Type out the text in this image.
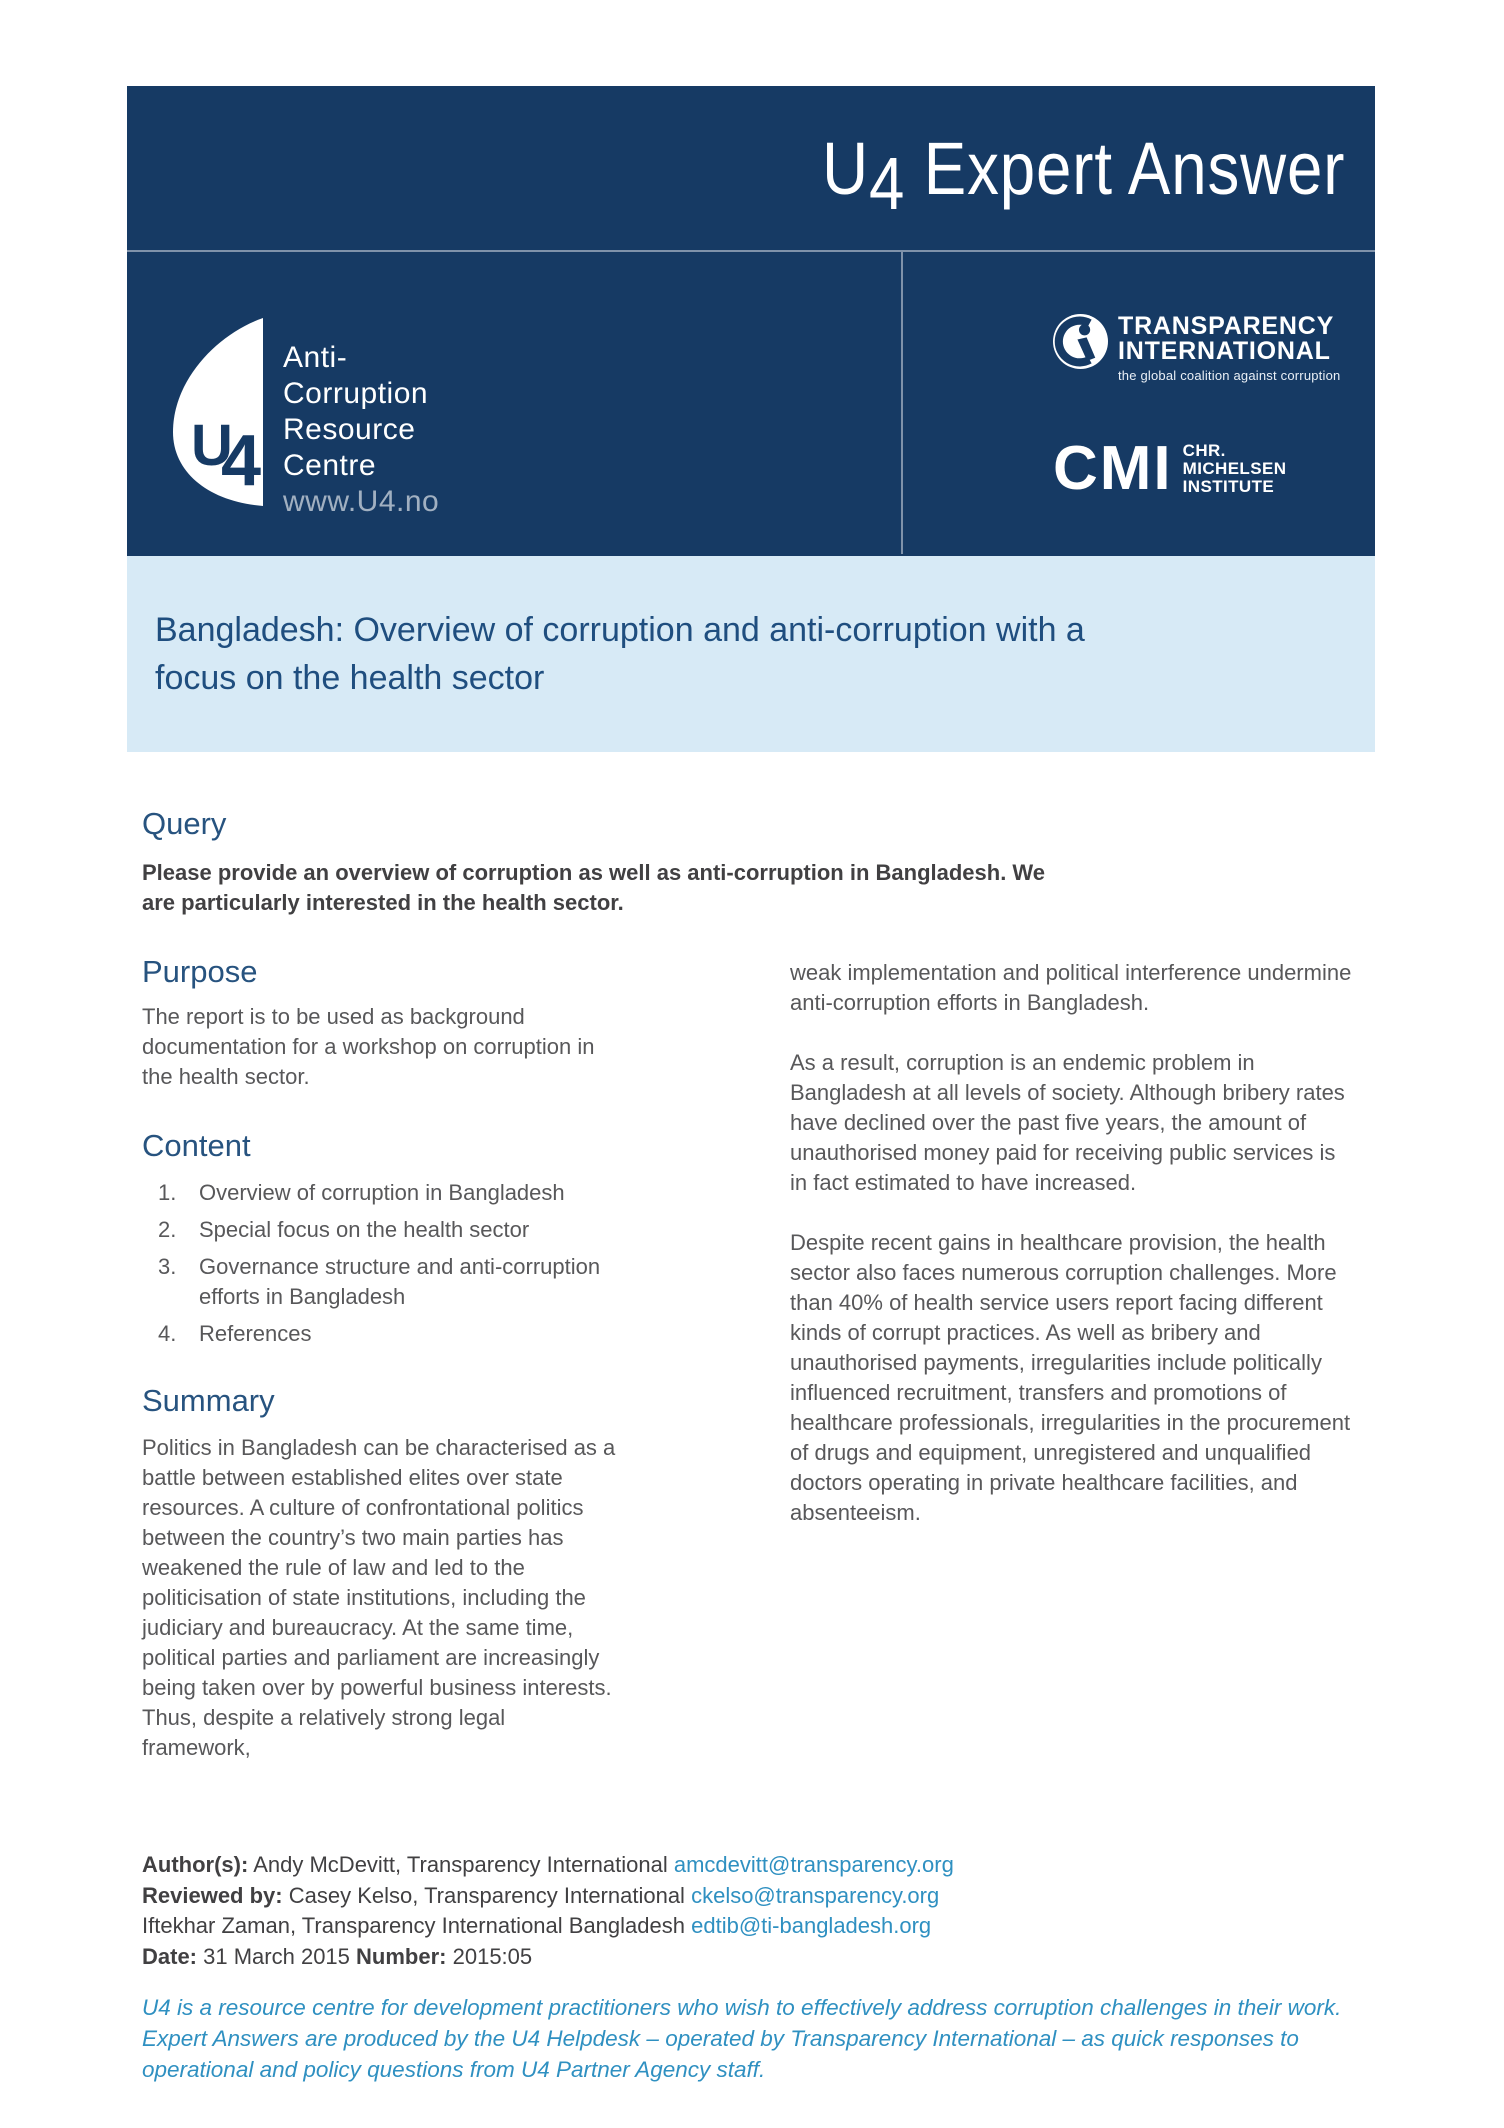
U4 Expert Answer
U
4
Anti-
Corruption
Resource
Centre
www.U4.no
TRANSPARENCY
INTERNATIONAL
the global coalition against corruption
CMI CHR.
MICHELSEN
INSTITUTE
Bangladesh: Overview of corruption and anti-corruption with a focus on the health sector
Query

Please provide an overview of corruption as well as anti-corruption in Bangladesh. We are particularly interested in the health sector.

Purpose

The report is to be used as background documentation for a workshop on corruption in the health sector.

Content
1.	Overview of corruption in Bangladesh
2.	Special focus on the health sector
3.	Governance structure and anti-corruption efforts in Bangladesh
4.	References
Summary

Politics in Bangladesh can be characterised as a battle between established elites over state resources. A culture of confrontational politics between the country’s two main parties has weakened the rule of law and led to the politicisation of state institutions, including the judiciary and bureaucracy. At the same time, political parties and parliament are increasingly being taken over by powerful business interests. Thus, despite a relatively strong legal framework,

weak implementation and political interference undermine anti-corruption efforts in Bangladesh.

As a result, corruption is an endemic problem in Bangladesh at all levels of society. Although bribery rates have declined over the past five years, the amount of unauthorised money paid for receiving public services is in fact estimated to have increased.

Despite recent gains in healthcare provision, the health sector also faces numerous corruption challenges. More than 40% of health service users report facing different kinds of corrupt practices. As well as bribery and unauthorised payments, irregularities include politically influenced recruitment, transfers and promotions of healthcare professionals, irregularities in the procurement of drugs and equipment, unregistered and unqualified doctors operating in private healthcare facilities, and absenteeism.

Author(s): Andy McDevitt, Transparency International amcdevitt@transparency.org
Reviewed by: Casey Kelso, Transparency International ckelso@transparency.org
Iftekhar Zaman, Transparency International Bangladesh edtib@ti-bangladesh.org
Date: 31 March 2015 Number: 2015:05
U4 is a resource centre for development practitioners who wish to effectively address corruption challenges in their work. Expert Answers are produced by the U4 Helpdesk – operated by Transparency International – as quick responses to operational and policy questions from U4 Partner Agency staff.
